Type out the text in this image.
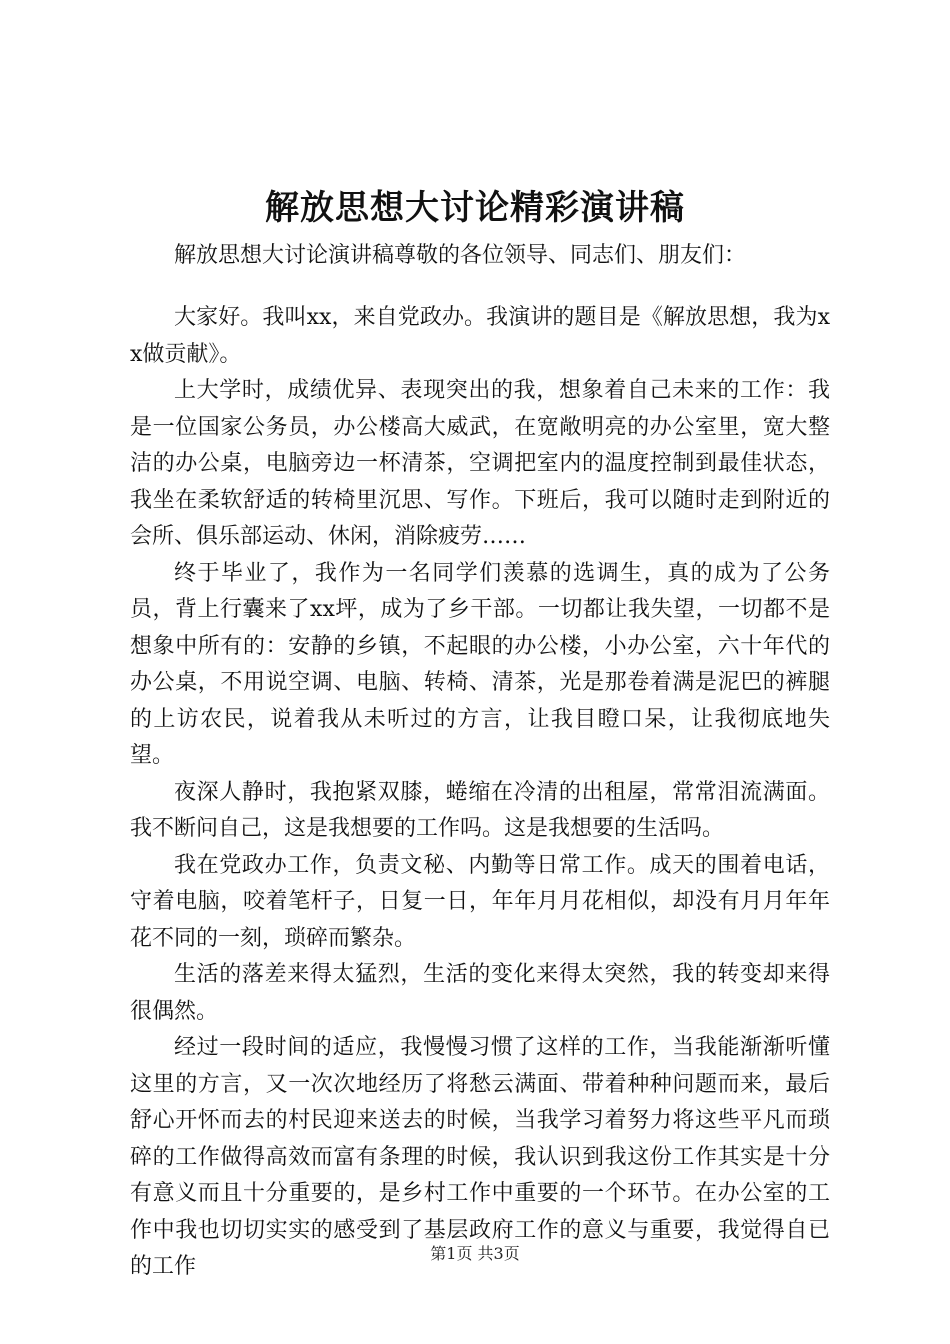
解放思想大讨论精彩演讲稿

解放思想大讨论演讲稿尊敬的各位领导、同志们、朋友们：

大家好。我叫xx，来自党政办。我演讲的题目是《解放思想，我为xx做贡献》。

上大学时，成绩优异、表现突出的我，想象着自己未来的工作：我是一位国家公务员，办公楼高大威武，在宽敞明亮的办公室里，宽大整洁的办公桌，电脑旁边一杯清茶，空调把室内的温度控制到最佳状态，我坐在柔软舒适的转椅里沉思、写作。下班后，我可以随时走到附近的会所、俱乐部运动、休闲，消除疲劳……

终于毕业了，我作为一名同学们羡慕的选调生，真的成为了公务员，背上行囊来了xx坪，成为了乡干部。一切都让我失望，一切都不是想象中所有的：安静的乡镇，不起眼的办公楼，小办公室，六十年代的办公桌，不用说空调、电脑、转椅、清茶，光是那卷着满是泥巴的裤腿的上访农民，说着我从未听过的方言，让我目瞪口呆，让我彻底地失望。

夜深人静时，我抱紧双膝，蜷缩在冷清的出租屋，常常泪流满面。我不断问自己，这是我想要的工作吗。这是我想要的生活吗。

我在党政办工作，负责文秘、内勤等日常工作。成天的围着电话，守着电脑，咬着笔杆子，日复一日，年年月月花相似，却没有月月年年花不同的一刻，琐碎而繁杂。

生活的落差来得太猛烈，生活的变化来得太突然，我的转变却来得很偶然。

经过一段时间的适应，我慢慢习惯了这样的工作，当我能渐渐听懂这里的方言，又一次次地经历了将愁云满面、带着种种问题而来，最后舒心开怀而去的村民迎来送去的时候，当我学习着努力将这些平凡而琐碎的工作做得高效而富有条理的时候，我认识到我这份工作其实是十分有意义而且十分重要的，是乡村工作中重要的一个环节。在办公室的工作中我也切切实实的感受到了基层政府工作的意义与重要，我觉得自已的工作

第1页 共3页
